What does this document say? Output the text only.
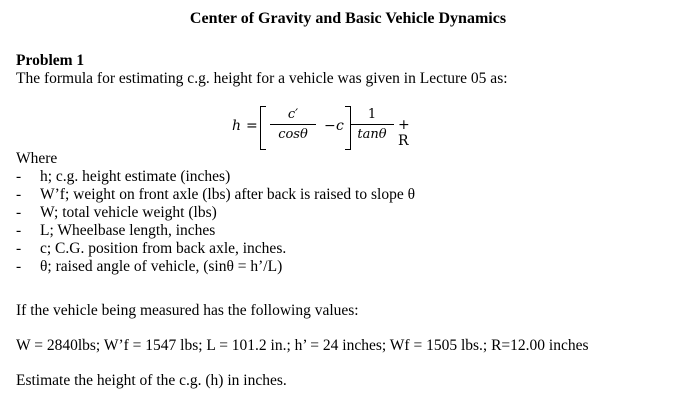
Center of Gravity and Basic Vehicle Dynamics
Problem 1
The formula for estimating c.g. height for a vehicle was given in Lecture 05 as:
h =
c′
cosθ
− c
1
tanθ
+ R
Where
- h; c.g. height estimate (inches)
- W’f; weight on front axle (lbs) after back is raised to slope θ
- W; total vehicle weight (lbs)
- L; Wheelbase length, inches
- c; C.G. position from back axle, inches.
- θ; raised angle of vehicle, (sinθ = h’/L)
If the vehicle being measured has the following values:
W = 2840lbs; W’f = 1547 lbs; L = 101.2 in.; h’ = 24 inches; Wf = 1505 lbs.; R=12.00 inches
Estimate the height of the c.g. (h) in inches.
